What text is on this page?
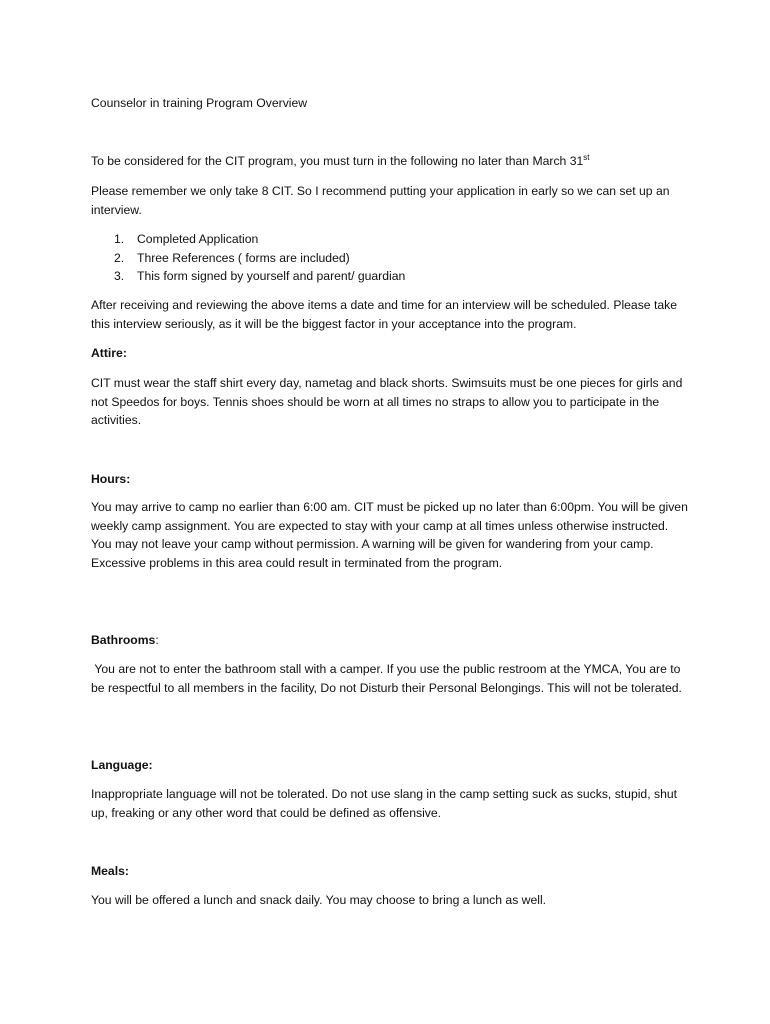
Counselor in training Program Overview

To be considered for the CIT program, you must turn in the following no later than March 31st

Please remember we only take 8 CIT. So I recommend putting your application in early so we can set up an interview.

1. Completed Application
2. Three References ( forms are included)
3. This form signed by yourself and parent/ guardian

After receiving and reviewing the above items a date and time for an interview will be scheduled. Please take this interview seriously, as it will be the biggest factor in your acceptance into the program.

Attire:

CIT must wear the staff shirt every day, nametag and black shorts. Swimsuits must be one pieces for girls and not Speedos for boys. Tennis shoes should be worn at all times no straps to allow you to participate in the activities.

Hours:

You may arrive to camp no earlier than 6:00 am. CIT must be picked up no later than 6:00pm. You will be given weekly camp assignment. You are expected to stay with your camp at all times unless otherwise instructed. You may not leave your camp without permission. A warning will be given for wandering from your camp. Excessive problems in this area could result in terminated from the program.

Bathrooms:

You are not to enter the bathroom stall with a camper. If you use the public restroom at the YMCA, You are to be respectful to all members in the facility, Do not Disturb their Personal Belongings. This will not be tolerated.

Language:

Inappropriate language will not be tolerated. Do not use slang in the camp setting suck as sucks, stupid, shut up, freaking or any other word that could be defined as offensive.

Meals:

You will be offered a lunch and snack daily. You may choose to bring a lunch as well.
